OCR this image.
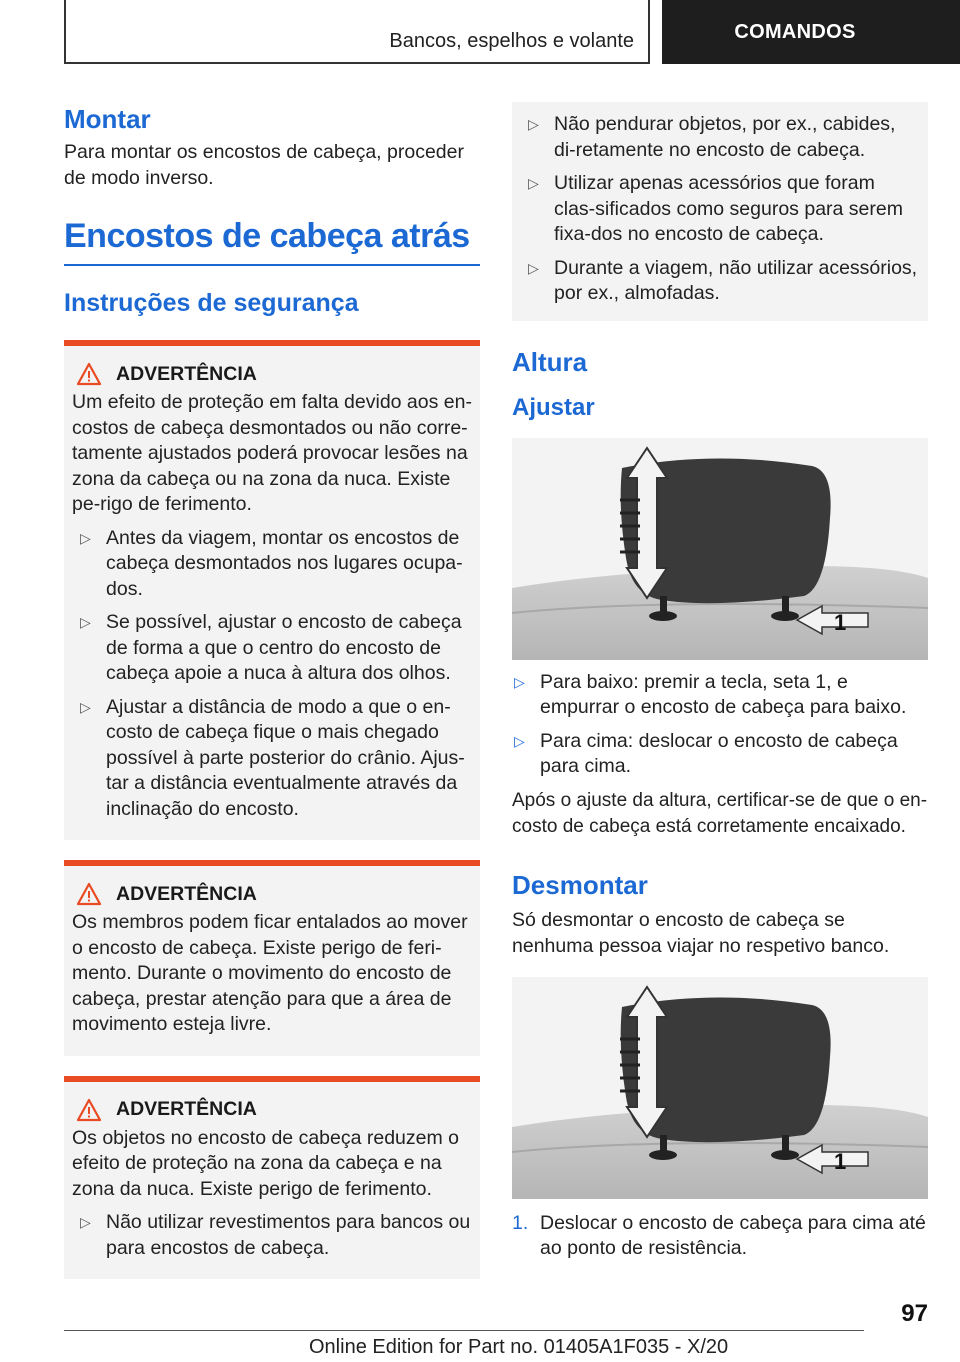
Bancos, espelhos e volante	COMANDOS
Montar

Para montar os encostos de cabeça, proceder de modo inverso.

Encostos de cabeça atrás
Instruções de segurança
ADVERTÊNCIA

Um efeito de proteção em falta devido aos en‐costos de cabeça desmontados ou não corre‐tamente ajustados poderá provocar lesões na zona da cabeça ou na zona da nuca. Existe pe‐rigo de ferimento.

▷ Antes da viagem, montar os encostos de cabeça desmontados nos lugares ocupa‐dos.
▷ Se possível, ajustar o encosto de cabeça de forma a que o centro do encosto de cabeça apoie a nuca à altura dos olhos.
▷ Ajustar a distância de modo a que o en‐costo de cabeça fique o mais chegado possível à parte posterior do crânio. Ajus‐tar a distância eventualmente através da inclinação do encosto.
ADVERTÊNCIA

Os membros podem ficar entalados ao mover o encosto de cabeça. Existe perigo de feri‐mento. Durante o movimento do encosto de cabeça, prestar atenção para que a área de movimento esteja livre.

ADVERTÊNCIA

Os objetos no encosto de cabeça reduzem o efeito de proteção na zona da cabeça e na zona da nuca. Existe perigo de ferimento.

▷ Não utilizar revestimentos para bancos ou para encostos de cabeça.
▷ Não pendurar objetos, por ex., cabides, di‐retamente no encosto de cabeça.
▷ Utilizar apenas acessórios que foram clas‐sificados como seguros para serem fixa‐dos no encosto de cabeça.
▷ Durante a viagem, não utilizar acessórios, por ex., almofadas.
Altura
Ajustar
1
▷ Para baixo: premir a tecla, seta 1, e empurrar o encosto de cabeça para baixo.
▷ Para cima: deslocar o encosto de cabeça para cima.

Após o ajuste da altura, certificar-se de que o en‐costo de cabeça está corretamente encaixado.

Desmontar

Só desmontar o encosto de cabeça se nenhuma pessoa viajar no respetivo banco.

1
1. Deslocar o encosto de cabeça para cima até ao ponto de resistência.
97
Online Edition for Part no. 01405A1F035 - X/20
